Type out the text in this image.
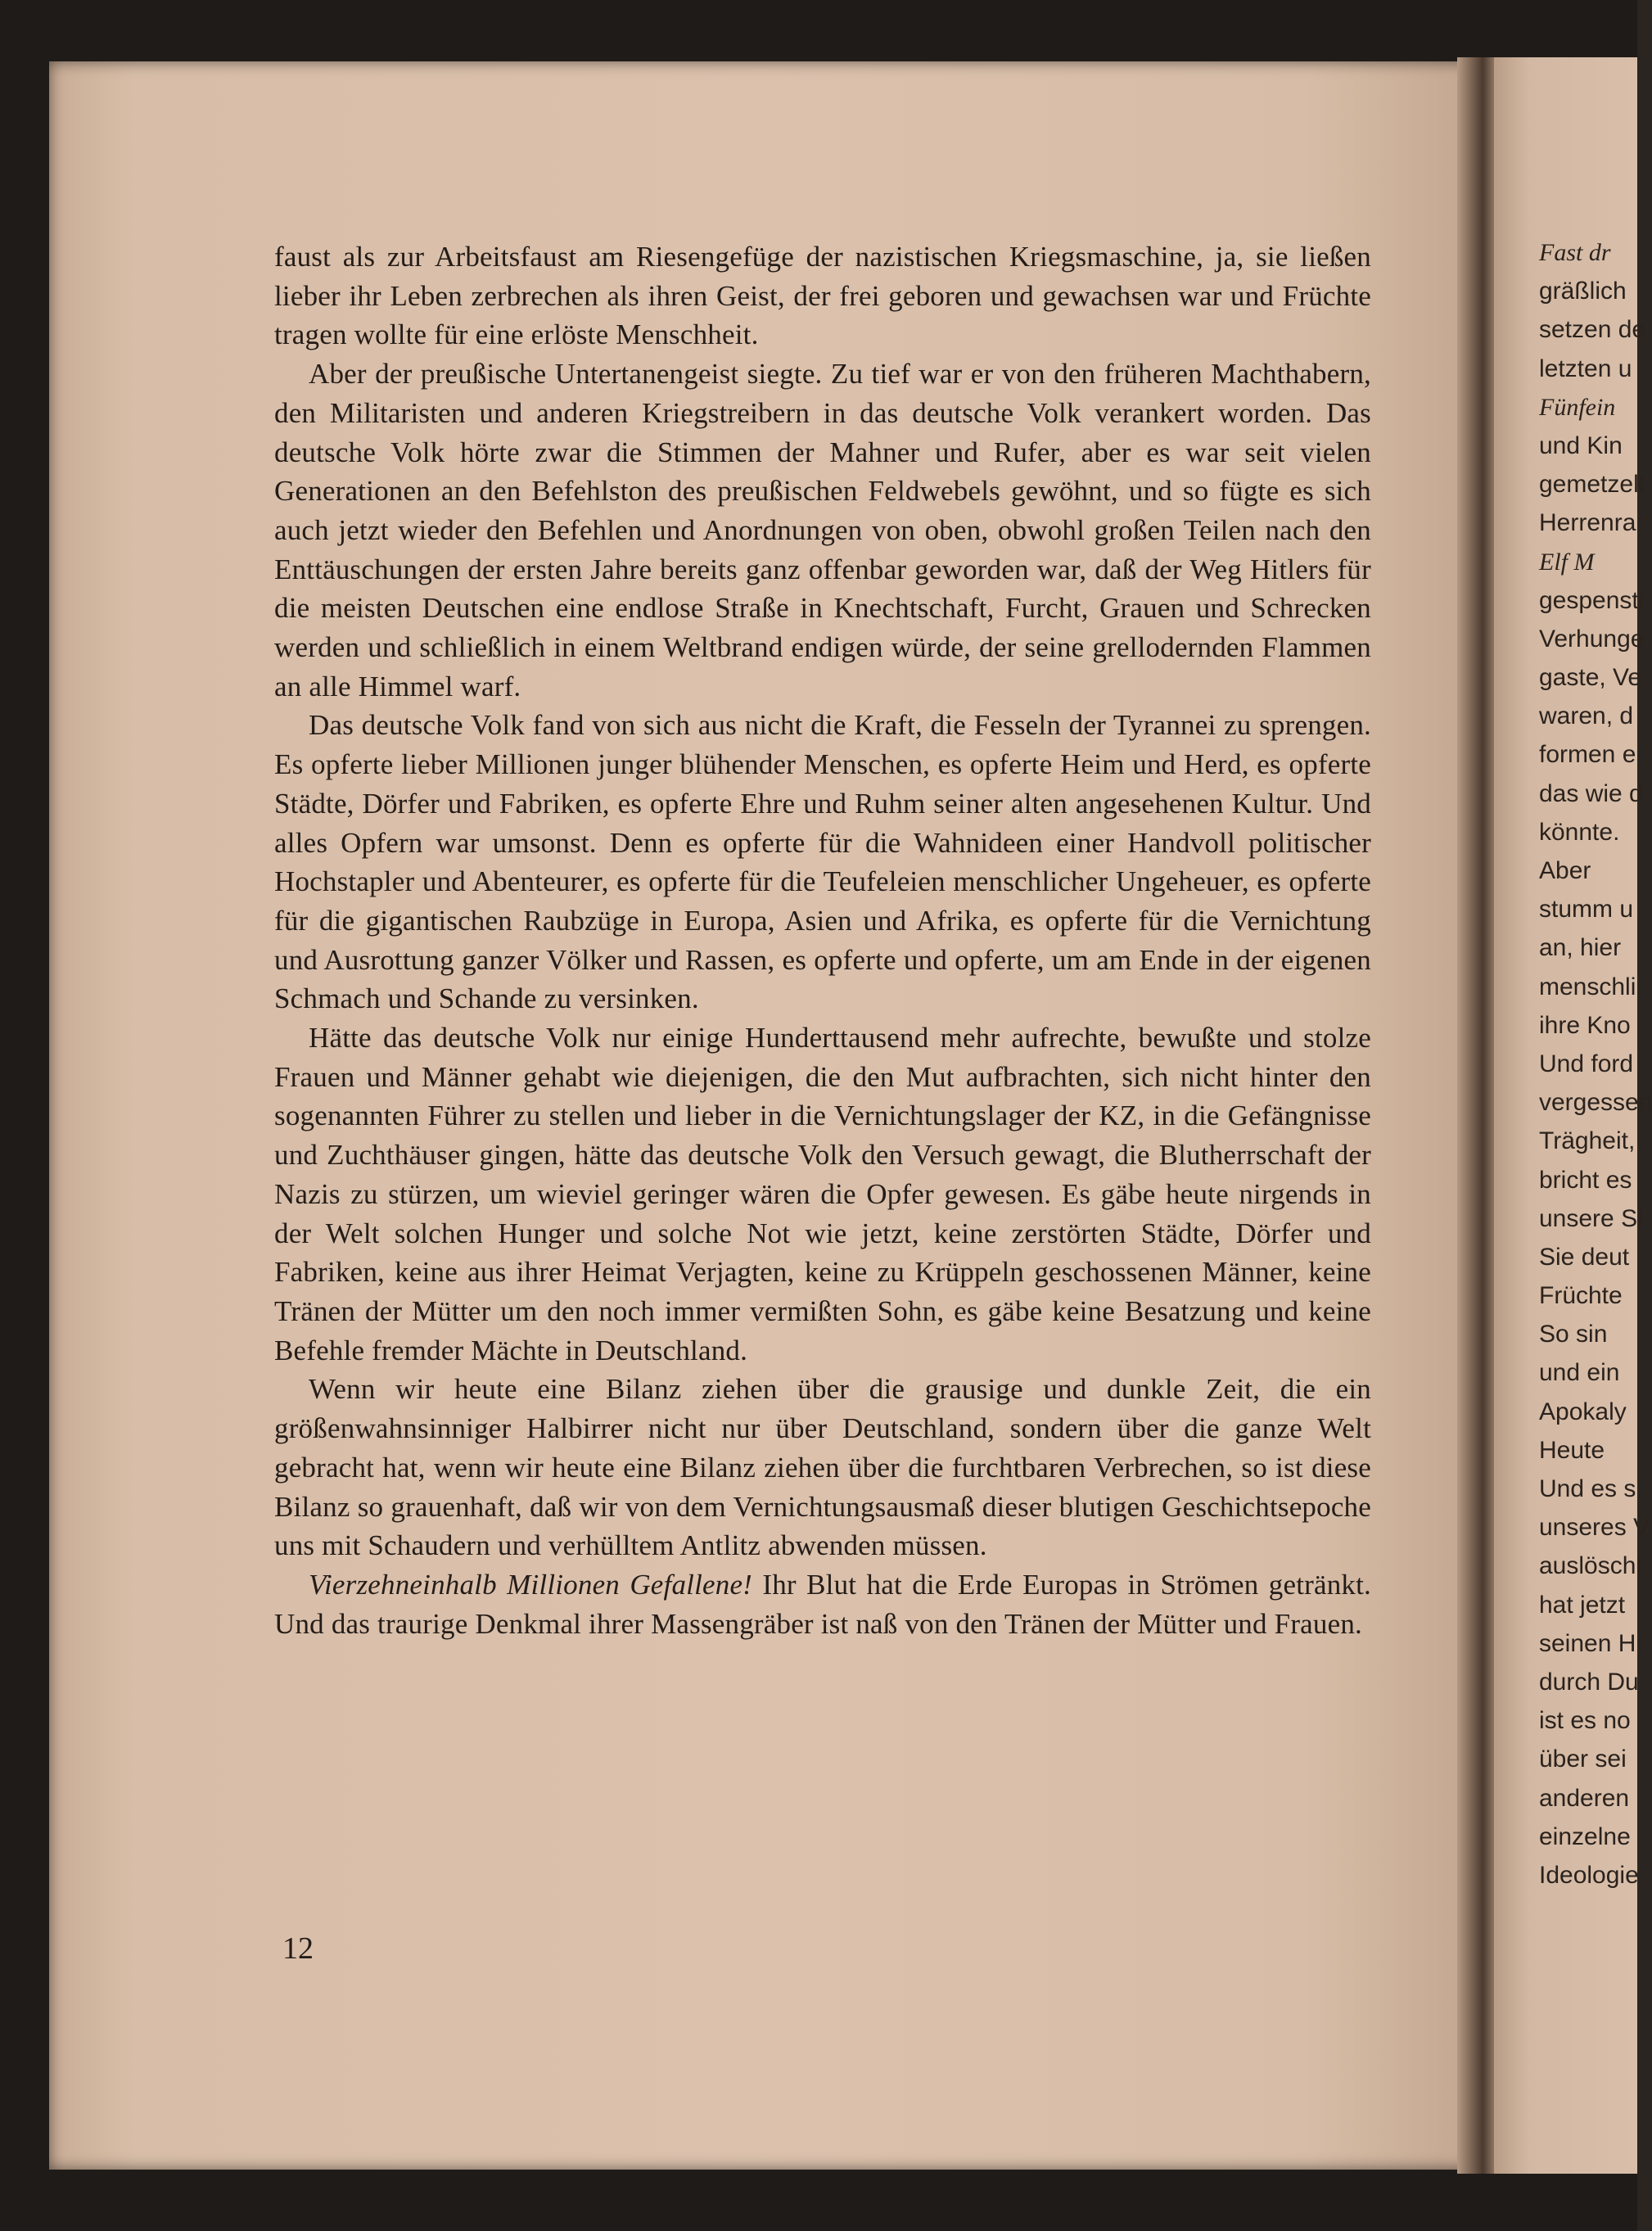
faust als zur Arbeitsfaust am Riesengefüge der nazistischen Kriegsmaschine, ja, sie ließen lieber ihr Leben zerbrechen als ihren Geist, der frei geboren und gewachsen war und Früchte tragen wollte für eine erlöste Menschheit.

Aber der preußische Untertanengeist siegte. Zu tief war er von den früheren Machthabern, den Militaristen und anderen Kriegstreibern in das deutsche Volk verankert worden. Das deutsche Volk hörte zwar die Stimmen der Mahner und Rufer, aber es war seit vielen Generationen an den Befehlston des preußischen Feldwebels gewöhnt, und so fügte es sich auch jetzt wieder den Befehlen und Anordnungen von oben, obwohl großen Teilen nach den Enttäuschungen der ersten Jahre bereits ganz offenbar geworden war, daß der Weg Hitlers für die meisten Deutschen eine endlose Straße in Knechtschaft, Furcht, Grauen und Schrecken werden und schließlich in einem Weltbrand endigen würde, der seine grellodernden Flammen an alle Himmel warf.

Das deutsche Volk fand von sich aus nicht die Kraft, die Fesseln der Tyrannei zu sprengen. Es opferte lieber Millionen junger blühender Menschen, es opferte Heim und Herd, es opferte Städte, Dörfer und Fabriken, es opferte Ehre und Ruhm seiner alten angesehenen Kultur. Und alles Opfern war umsonst. Denn es opferte für die Wahnideen einer Handvoll politischer Hochstapler und Abenteurer, es opferte für die Teufeleien menschlicher Ungeheuer, es opferte für die gigantischen Raubzüge in Europa, Asien und Afrika, es opferte für die Vernichtung und Ausrottung ganzer Völker und Rassen, es opferte und opferte, um am Ende in der eigenen Schmach und Schande zu versinken.

Hätte das deutsche Volk nur einige Hunderttausend mehr aufrechte, bewußte und stolze Frauen und Männer gehabt wie diejenigen, die den Mut aufbrachten, sich nicht hinter den sogenannten Führer zu stellen und lieber in die Vernichtungslager der KZ, in die Gefängnisse und Zuchthäuser gingen, hätte das deutsche Volk den Versuch gewagt, die Blutherrschaft der Nazis zu stürzen, um wieviel geringer wären die Opfer gewesen. Es gäbe heute nirgends in der Welt solchen Hunger und solche Not wie jetzt, keine zerstörten Städte, Dörfer und Fabriken, keine aus ihrer Heimat Verjagten, keine zu Krüppeln geschossenen Männer, keine Tränen der Mütter um den noch immer vermißten Sohn, es gäbe keine Besatzung und keine Befehle fremder Mächte in Deutschland.

Wenn wir heute eine Bilanz ziehen über die grausige und dunkle Zeit, die ein größenwahnsinniger Halbirrer nicht nur über Deutschland, sondern über die ganze Welt gebracht hat, wenn wir heute eine Bilanz ziehen über die furchtbaren Verbrechen, so ist diese Bilanz so grauenhaft, daß wir von dem Vernichtungsausmaß dieser blutigen Geschichtsepoche uns mit Schaudern und verhülltem Antlitz abwenden müssen.

Vierzehneinhalb Millionen Gefallene! Ihr Blut hat die Erde Europas in Strömen getränkt. Und das traurige Denkmal ihrer Massengräber ist naß von den Tränen der Mütter und Frauen.

12
Fast dr
gräßlich
setzen de
letzten u
Fünfein
und Kin
gemetzelt
Herrenra
Elf M
gespensti
Verhunge
gaste, Ve
waren, d
formen e
das wie d
könnte.
Aber
stumm u
an, hier
menschli
ihre Kno
Und ford
vergessen
Trägheit,
bricht es
unsere Si
Sie deut
Früchte
So sin
und ein
Apokaly
Heute
Und es s
unseres V
auslöschl
hat jetzt
seinen H
durch Du
ist es no
über sei
anderen
einzelne
Ideologie
